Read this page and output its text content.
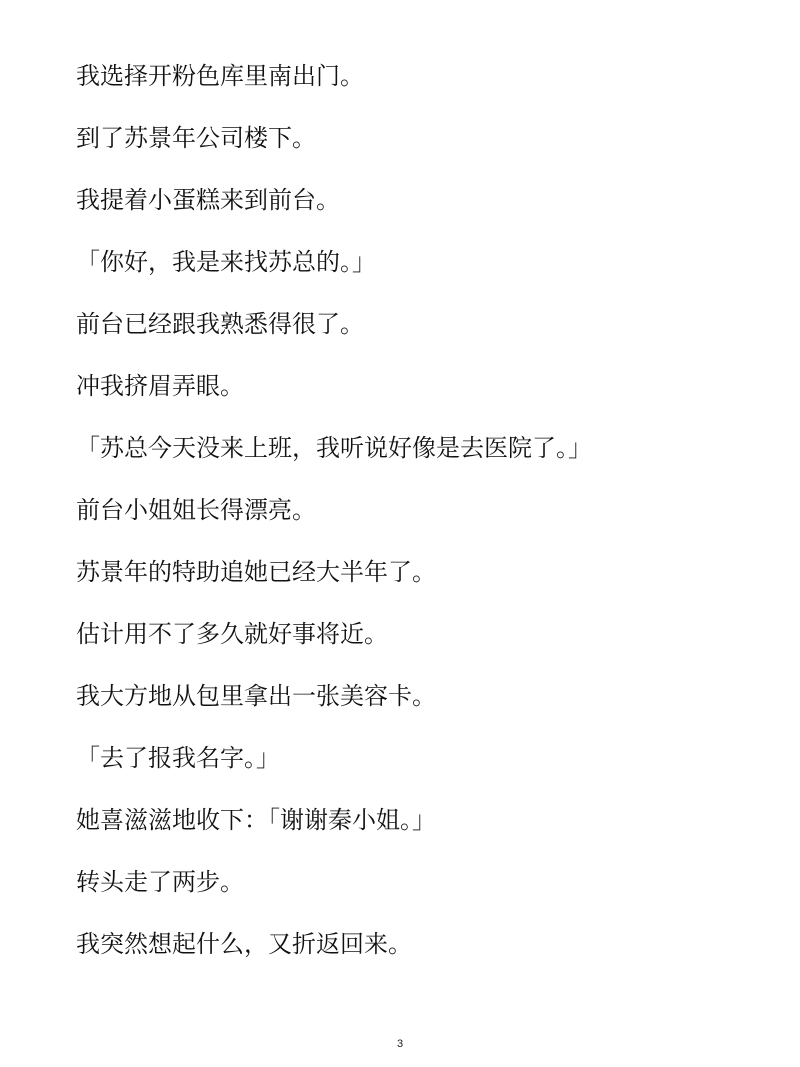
我选择开粉色库里南出门。

到了苏景年公司楼下。

我提着小蛋糕来到前台。

「你好，我是来找苏总的。」

前台已经跟我熟悉得很了。

冲我挤眉弄眼。

「苏总今天没来上班，我听说好像是去医院了。」

前台小姐姐长得漂亮。

苏景年的特助追她已经大半年了。

估计用不了多久就好事将近。

我大方地从包里拿出一张美容卡。

「去了报我名字。」

她喜滋滋地收下：「谢谢秦小姐。」

转头走了两步。

我突然想起什么，又折返回来。

3
